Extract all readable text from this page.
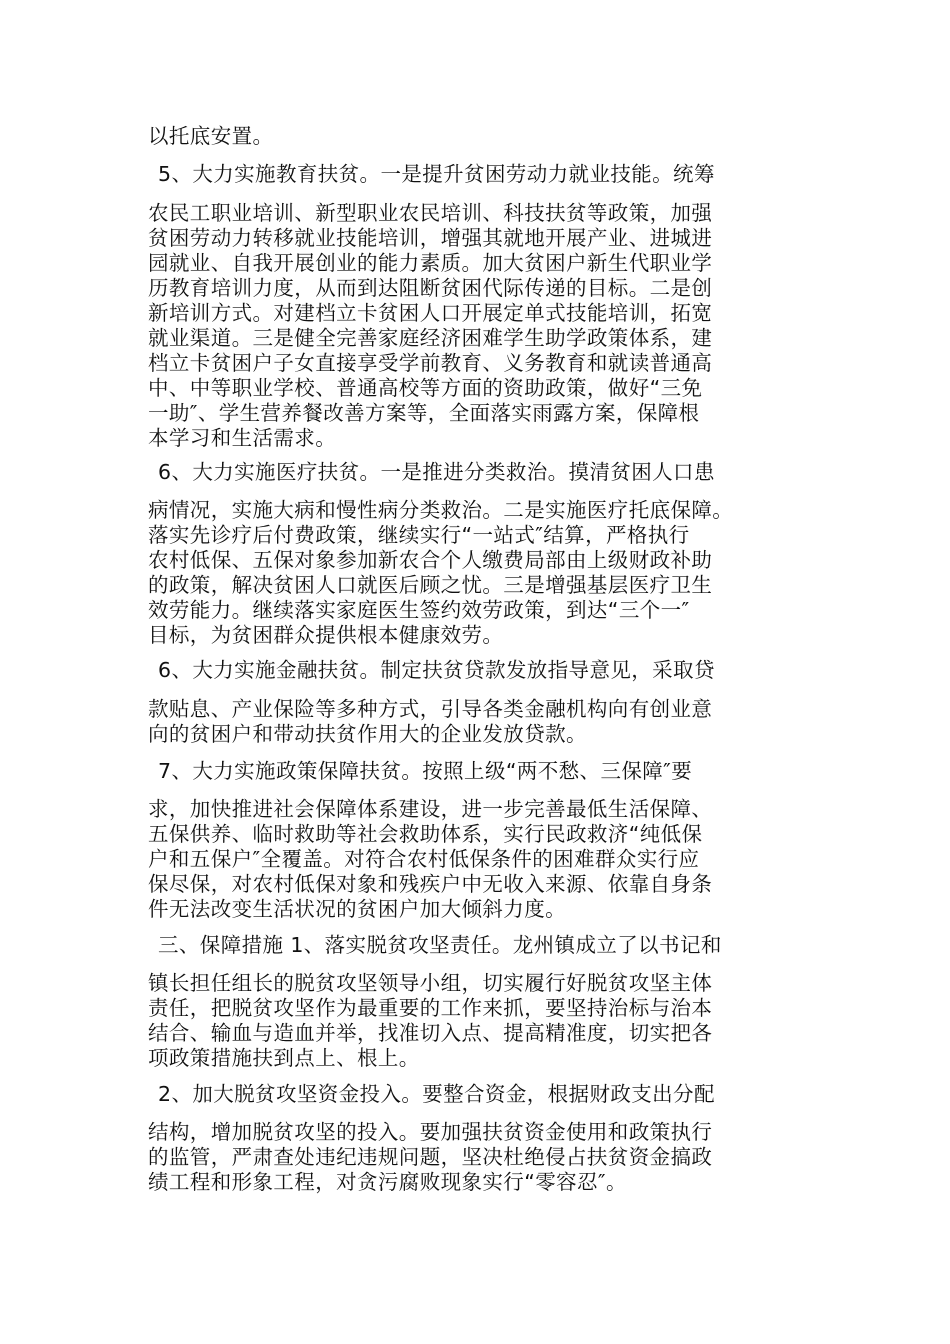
以托底安置。
5、大力实施教育扶贫。一是提升贫困劳动力就业技能。统筹
农民工职业培训、新型职业农民培训、科技扶贫等政策，加强
贫困劳动力转移就业技能培训，增强其就地开展产业、进城进
园就业、自我开展创业的能力素质。加大贫困户新生代职业学
历教育培训力度，从而到达阻断贫困代际传递的目标。二是创
新培训方式。对建档立卡贫困人口开展定单式技能培训，拓宽
就业渠道。三是健全完善家庭经济困难学生助学政策体系，建
档立卡贫困户子女直接享受学前教育、义务教育和就读普通高
中、中等职业学校、普通高校等方面的资助政策，做好“三免
一助″、学生营养餐改善方案等，全面落实雨露方案，保障根
本学习和生活需求。
6、大力实施医疗扶贫。一是推进分类救治。摸清贫困人口患
病情况，实施大病和慢性病分类救治。二是实施医疗托底保障。
落实先诊疗后付费政策，继续实行“一站式″结算，严格执行
农村低保、五保对象参加新农合个人缴费局部由上级财政补助
的政策，解决贫困人口就医后顾之忧。三是增强基层医疗卫生
效劳能力。继续落实家庭医生签约效劳政策，到达“三个一″
目标，为贫困群众提供根本健康效劳。
6、大力实施金融扶贫。制定扶贫贷款发放指导意见，采取贷
款贴息、产业保险等多种方式，引导各类金融机构向有创业意
向的贫困户和带动扶贫作用大的企业发放贷款。
7、大力实施政策保障扶贫。按照上级“两不愁、三保障″要
求，加快推进社会保障体系建设，进一步完善最低生活保障、
五保供养、临时救助等社会救助体系，实行民政救济“纯低保
户和五保户″全覆盖。对符合农村低保条件的困难群众实行应
保尽保，对农村低保对象和残疾户中无收入来源、依靠自身条
件无法改变生活状况的贫困户加大倾斜力度。
三、保障措施 1、落实脱贫攻坚责任。龙州镇成立了以书记和
镇长担任组长的脱贫攻坚领导小组，切实履行好脱贫攻坚主体
责任，把脱贫攻坚作为最重要的工作来抓，要坚持治标与治本
结合、输血与造血并举，找准切入点、提高精准度，切实把各
项政策措施扶到点上、根上。
2、加大脱贫攻坚资金投入。要整合资金，根据财政支出分配
结构，增加脱贫攻坚的投入。要加强扶贫资金使用和政策执行
的监管，严肃查处违纪违规问题，坚决杜绝侵占扶贫资金搞政
绩工程和形象工程，对贪污腐败现象实行“零容忍″。
